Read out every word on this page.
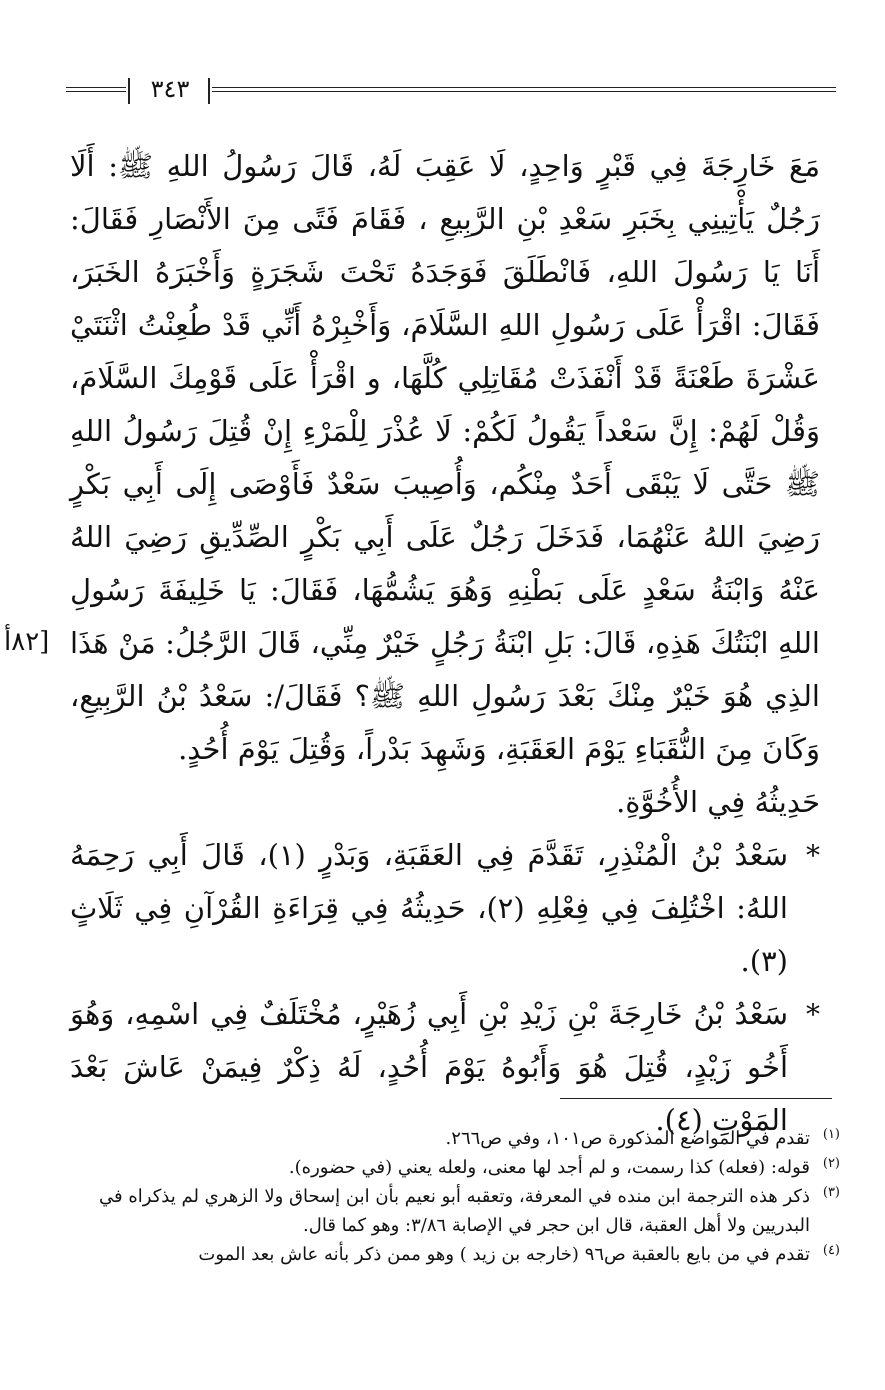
٣٤٣

مَعَ خَارِجَةَ فِي قَبْرٍ وَاحِدٍ، لَا عَقِبَ لَهُ، قَالَ رَسُولُ اللهِ ﷺ: أَلَا رَجُلٌ يَأْتِينِي بِخَبَرِ سَعْدِ بْنِ الرَّبِيعِ ، فَقَامَ فَتًى مِنَ الأَنْصَارِ فَقَالَ: أَنَا يَا رَسُولَ اللهِ، فَانْطَلَقَ فَوَجَدَهُ تَحْتَ شَجَرَةٍ وَأَخْبَرَهُ الخَبَرَ، فَقَالَ: اقْرَأْ عَلَى رَسُولِ اللهِ السَّلَامَ، وَأَخْبِرْهُ أَنِّي قَدْ طُعِنْتُ اثْنَتَيْ عَشْرَةَ طَعْنَةً قَدْ أَنْفَذَتْ مُقَاتِلِي كُلَّهَا، و اقْرَأْ عَلَى قَوْمِكَ السَّلَامَ، وَقُلْ لَهُمْ: إِنَّ سَعْداً يَقُولُ لَكُمْ: لَا عُذْرَ لِلْمَرْءِ إِنْ قُتِلَ رَسُولُ اللهِ ﷺ حَتَّى لَا يَبْقَى أَحَدٌ مِنْكُم، وَأُصِيبَ سَعْدٌ فَأَوْصَى إِلَى أَبِي بَكْرٍ رَضِيَ اللهُ عَنْهُمَا، فَدَخَلَ رَجُلٌ عَلَى أَبِي بَكْرٍ الصِّدِّيقِ رَضِيَ اللهُ عَنْهُ وَابْنَةُ سَعْدٍ عَلَى بَطْنِهِ وَهُوَ يَشُمُّهَا، فَقَالَ: يَا خَلِيفَةَ رَسُولِ اللهِ ابْنَتُكَ هَذِهِ، قَالَ: بَلِ ابْنَةُ رَجُلٍ خَيْرٌ مِنِّي، قَالَ الرَّجُلُ: مَنْ هَذَا الذِي هُوَ خَيْرٌ مِنْكَ بَعْدَ رَسُولِ اللهِ ﷺ؟ فَقَالَ/: سَعْدُ بْنُ الرَّبِيعِ، وَكَانَ مِنَ النُّقَبَاءِ يَوْمَ العَقَبَةِ، وَشَهِدَ بَدْراً، وَقُتِلَ يَوْمَ أُحُدٍ.

حَدِيثُهُ فِي الأُخُوَّةِ.

*
سَعْدُ بْنُ الْمُنْذِرِ، تَقَدَّمَ فِي العَقَبَةِ، وَبَدْرٍ (١)، قَالَ أَبِي رَحِمَهُ اللهُ: اخْتُلِفَ فِي فِعْلِهِ (٢)، حَدِيثُهُ فِي قِرَاءَةِ القُرْآنِ فِي ثَلَاثٍ (٣).
*
سَعْدُ بْنُ خَارِجَةَ بْنِ زَيْدِ بْنِ أَبِي زُهَيْرٍ، مُخْتَلَفٌ فِي اسْمِهِ، وَهُوَ أَخُو زَيْدٍ، قُتِلَ هُوَ وَأَبُوهُ يَوْمَ أُحُدٍ، لَهُ ذِكْرٌ فِيمَنْ عَاشَ بَعْدَ المَوْتِ (٤).
[٨٢أ

(١)
تقدم في المواضع المذكورة ص١٠١، وفي ص٢٦٦.

(٢)
قوله: (فعله) كذا رسمت، و لم أجد لها معنى، ولعله يعني (في حضوره).

(٣)
ذكر هذه الترجمة ابن منده في المعرفة، وتعقبه أبو نعيم بأن ابن إسحاق ولا الزهري لم يذكراه في البدريين ولا أهل العقبة، قال ابن حجر في الإصابة ٣/٨٦: وهو كما قال.

(٤)
تقدم في من بايع بالعقبة ص٩٦ (خارجه بن زيد ) وهو ممن ذكر بأنه عاش بعد الموت
